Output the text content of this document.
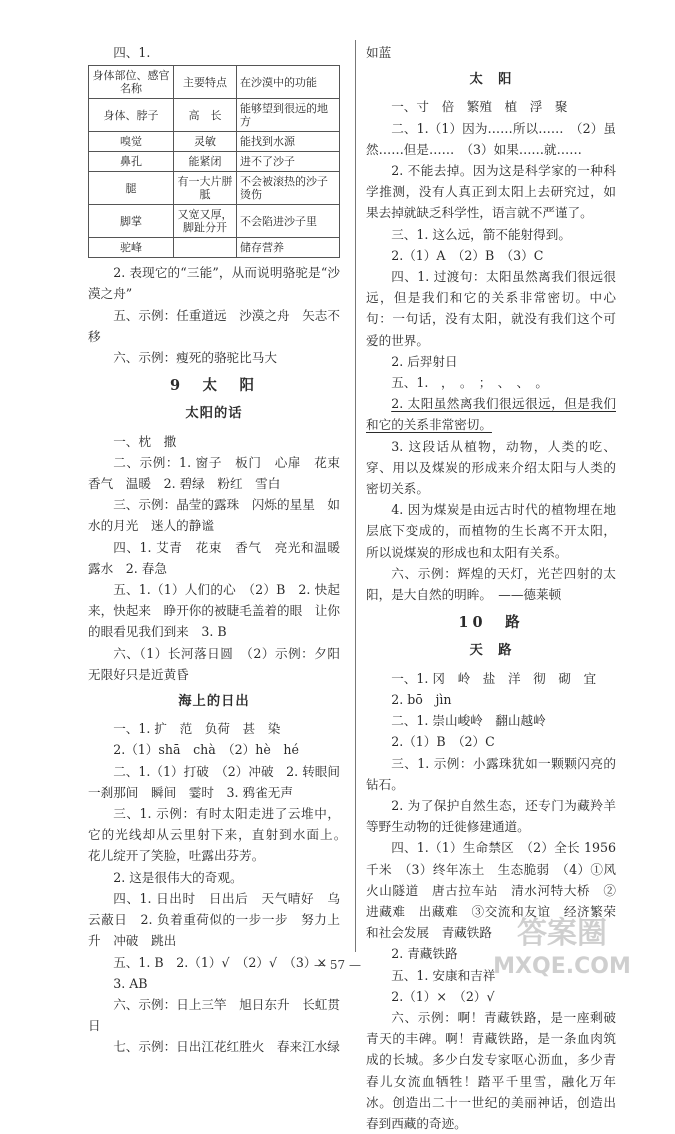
四、1.

身体部位、感官名称	主要特点	在沙漠中的功能
身体、脖子	高　长	能够望到很远的地方
嗅觉	灵敏	能找到水源
鼻孔	能紧闭	进不了沙子
腿	有一大片胼胝	不会被滚热的沙子烫伤
脚掌	又宽又厚，脚趾分开	不会陷进沙子里
驼峰		储存营养

2. 表现它的“三能”，从而说明骆驼是“沙漠之舟”

五、示例：任重道远　沙漠之舟　矢志不移

六、示例：瘦死的骆驼比马大

9　太　阳
太阳的话

一、枕　撒

二、示例：1. 窗子　板门　心扉　花束　香气　温暖　2. 碧绿　粉红　雪白

三、示例：晶莹的露珠　闪烁的星星　如水的月光　迷人的静谧

四、1. 艾青　花束　香气　亮光和温暖　露水　2. 春急

五、1.（1）人们的心　（2）B　2. 快起来，快起来　睁开你的被睫毛盖着的眼　让你的眼看见我们到来　3. B

六、（1）长河落日圆　（2）示例：夕阳无限好只是近黄昏

海上的日出

一、1. 扩　范　负荷　甚　染

2.（1）shā　chà　（2）hè　hé

二、1.（1）打破　（2）冲破　2. 转眼间　一刹那间　瞬间　霎时　3. 鸦雀无声

三、1. 示例：有时太阳走进了云堆中，它的光线却从云里射下来，直射到水面上。　花儿绽开了笑脸，吐露出芬芳。

2. 这是很伟大的奇观。

四、1. 日出时　日出后　天气晴好　乌云蔽日　2. 负着重荷似的一步一步　努力上升　冲破　跳出

五、1. B　2.（1）√　（2）√　（3）×

3. AB

六、示例：日上三竿　旭日东升　长虹贯日

七、示例：日出江花红胜火　春来江水绿

如蓝

太　阳

一、寸　倍　繁殖　植　浮　聚

二、1.（1）因为……所以……　（2）虽然……但是……　（3）如果……就……

2. 不能去掉。因为这是科学家的一种科学推测，没有人真正到太阳上去研究过，如果去掉就缺乏科学性，语言就不严谨了。

三、1. 这么远，箭不能射得到。

2.（1）A　（2）B　（3）C

四、1. 过渡句：太阳虽然离我们很远很远，但是我们和它的关系非常密切。中心句：一句话，没有太阳，就没有我们这个可爱的世界。

2. 后羿射日

五、1.　，　。　；　、　、　。

2. 太阳虽然离我们很远很远，但是我们和它的关系非常密切。

3. 这段话从植物，动物，人类的吃、穿、用以及煤炭的形成来介绍太阳与人类的密切关系。

4. 因为煤炭是由远古时代的植物埋在地层底下变成的，而植物的生长离不开太阳，所以说煤炭的形成也和太阳有关系。

六、示例：辉煌的天灯，光芒四射的太阳，是大自然的明眸。　——德莱顿

10　路
天　路

一、1. 冈　岭　盐　洋　彻　砌　宜

2. bō　jìn

二、1. 崇山峻岭　翻山越岭

2.（1）B　（2）C

三、1. 示例：小露珠犹如一颗颗闪亮的钻石。

2. 为了保护自然生态，还专门为藏羚羊等野生动物的迁徙修建通道。

四、1.（1）生命禁区　（2）全长 1956 千米　（3）终年冻土　生态脆弱　（4）①风火山隧道　唐古拉车站　清水河特大桥　②进藏难　出藏难　③交流和友谊　经济繁荣和社会发展　青藏铁路

2. 青藏铁路

五、1. 安康和吉祥

2.（1）×　（2）√

六、示例：啊！青藏铁路，是一座剩破青天的丰碑。啊！青藏铁路，是一条血肉筑成的长城。多少白发专家呕心沥血，多少青春儿女流血牺牲！踏平千里雪，融化万年冰。创造出二十一世纪的美丽神话，创造出春到西藏的奇迹。

— 57 —
答案圈
MXQE.COM
